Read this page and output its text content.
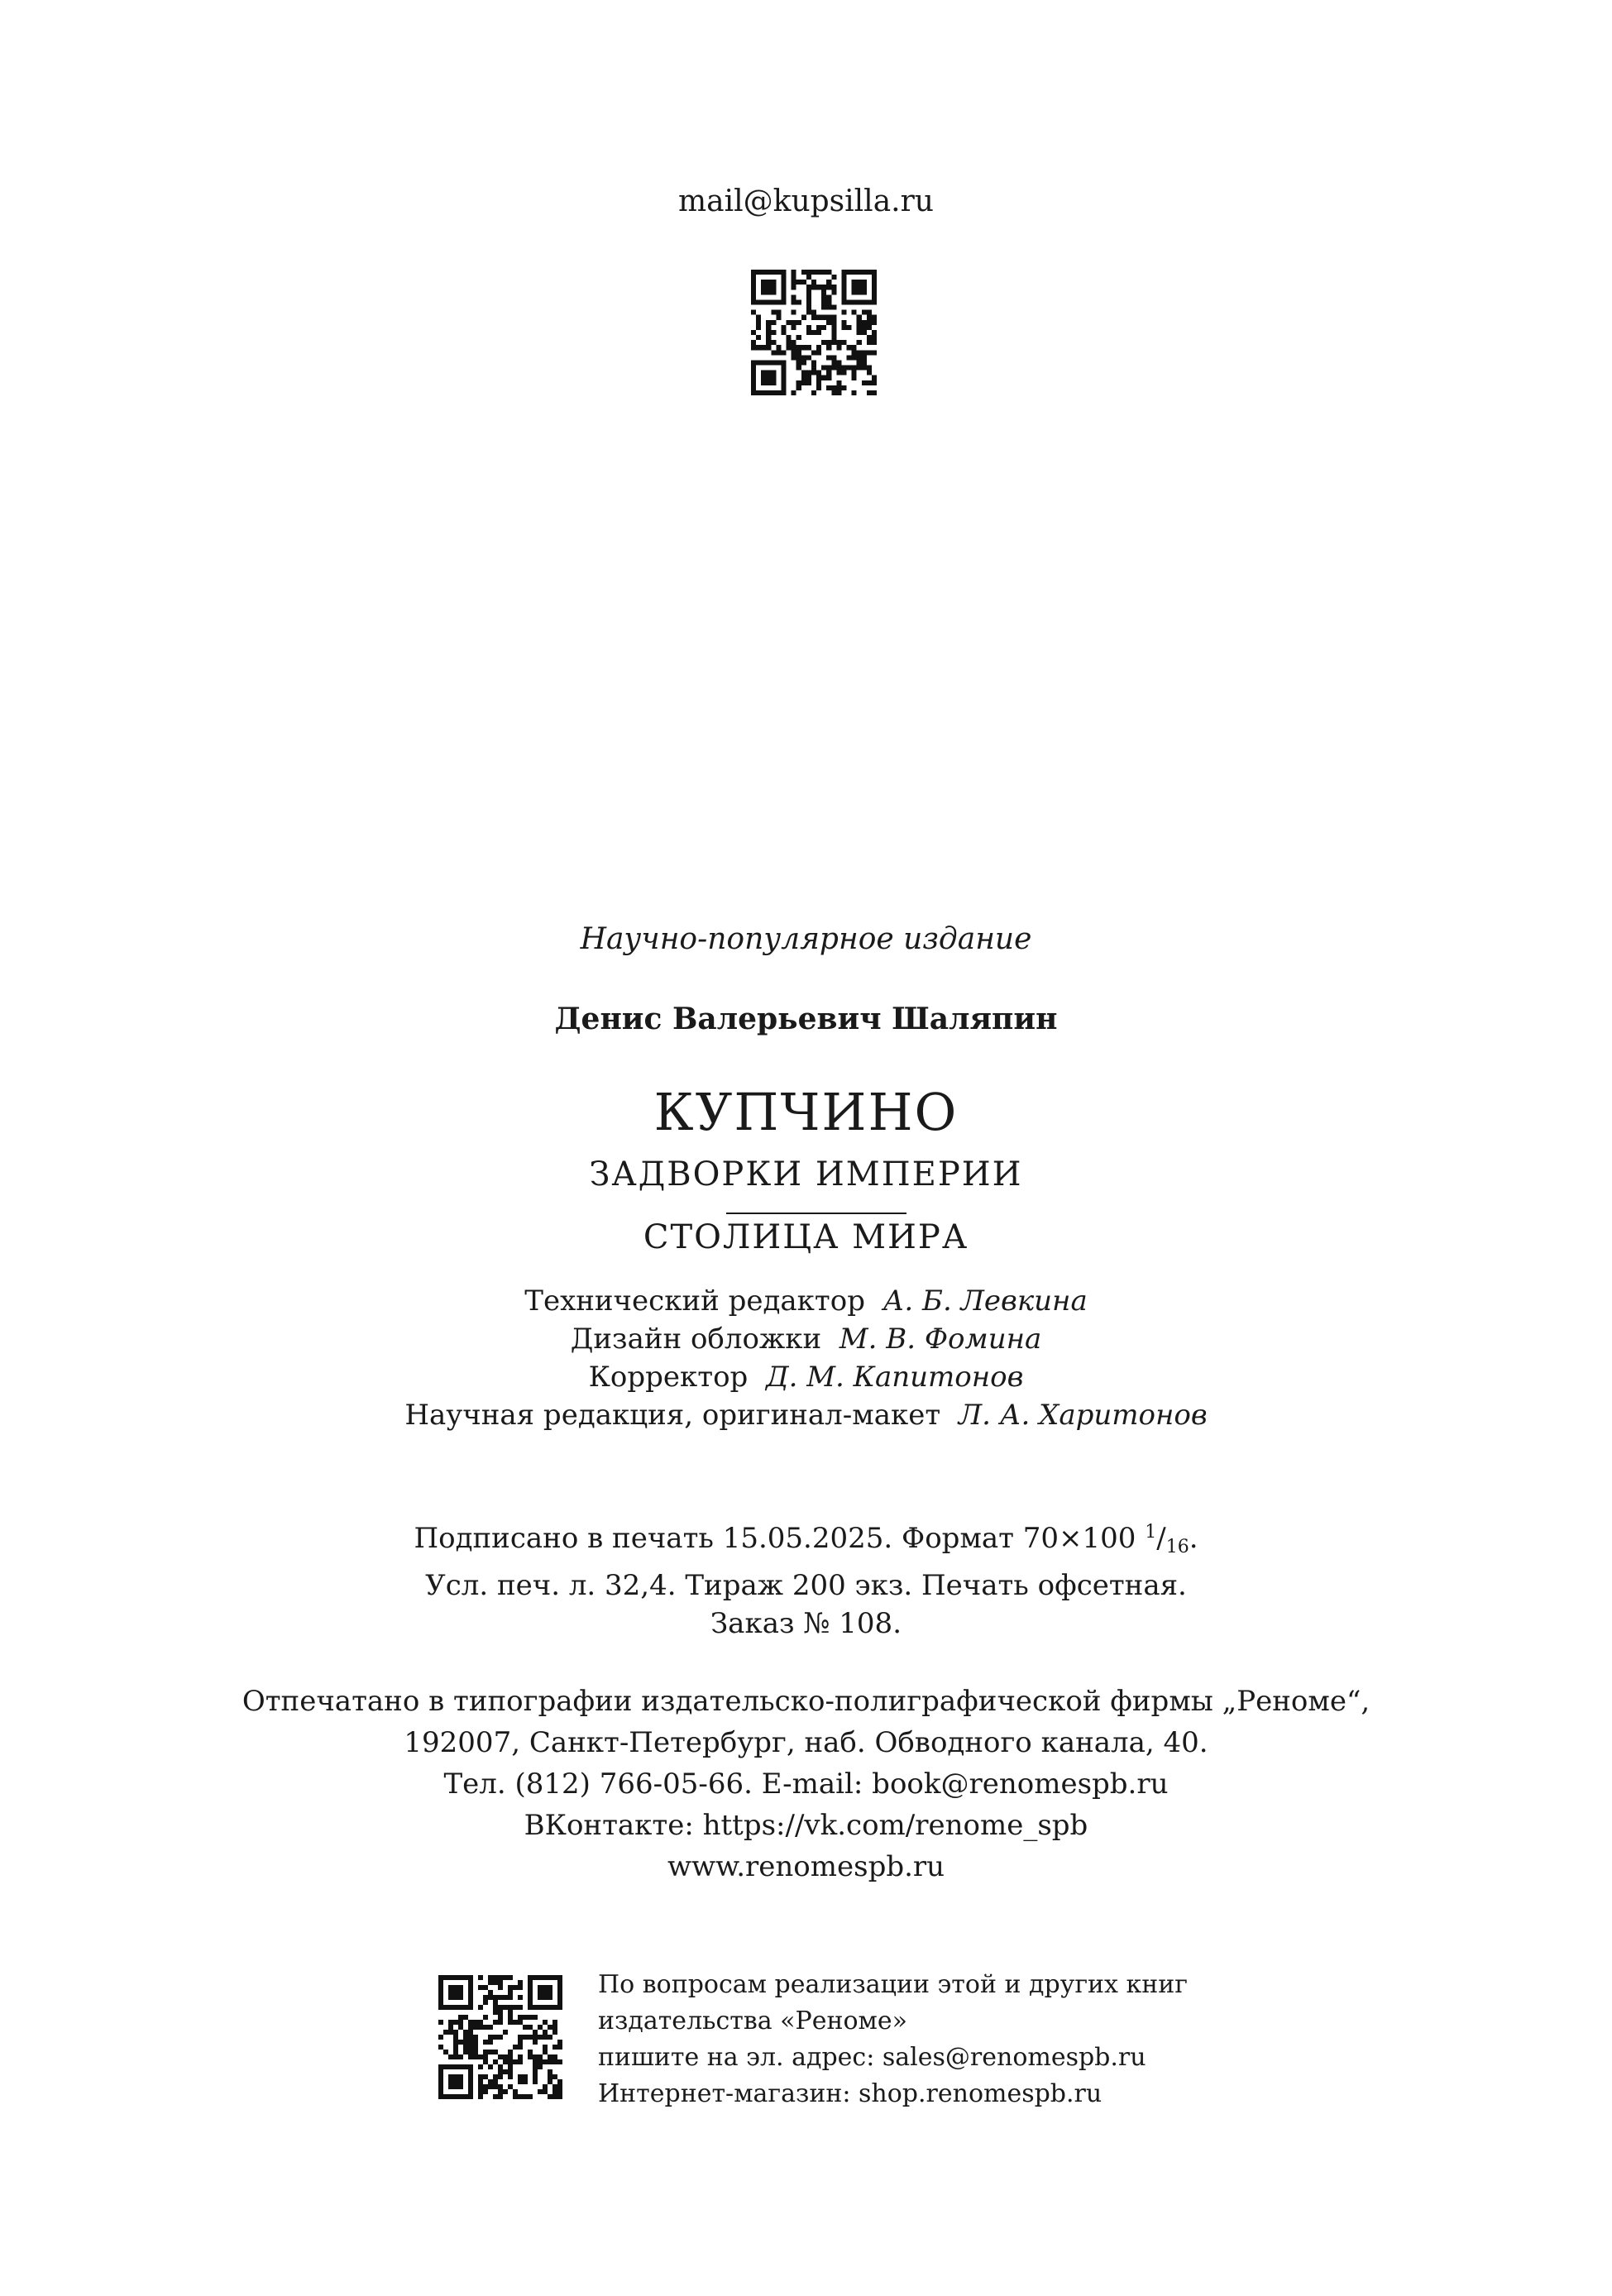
mail@kupsilla.ru
Научно-популярное издание
Денис Валерьевич Шаляпин
КУПЧИНО
ЗАДВОРКИ ИМПЕРИИ
СТОЛИЦА МИРА
Технический редактор А. Б. Левкина
Дизайн обложки М. В. Фомина
Корректор Д. М. Капитонов
Научная редакция, оригинал-макет Л. А. Харитонов
Подписано в печать 15.05.2025. Формат 70×100 $^1/_{16}$.
Усл. печ. л. 32,4. Тираж 200 экз. Печать офсетная.
Заказ № 108.
Отпечатано в типографии издательско-полиграфической фирмы „Реноме“,
192007, Санкт-Петербург, наб. Обводного канала, 40.
Тел. (812) 766-05-66. E-mail: book@renomespb.ru
ВКонтакте: https://vk.com/renome_spb
www.renomespb.ru
По вопросам реализации этой и других книг
издательства «Реноме»
пишите на эл. адрес: sales@renomespb.ru
Интернет-магазин: shop.renomespb.ru
